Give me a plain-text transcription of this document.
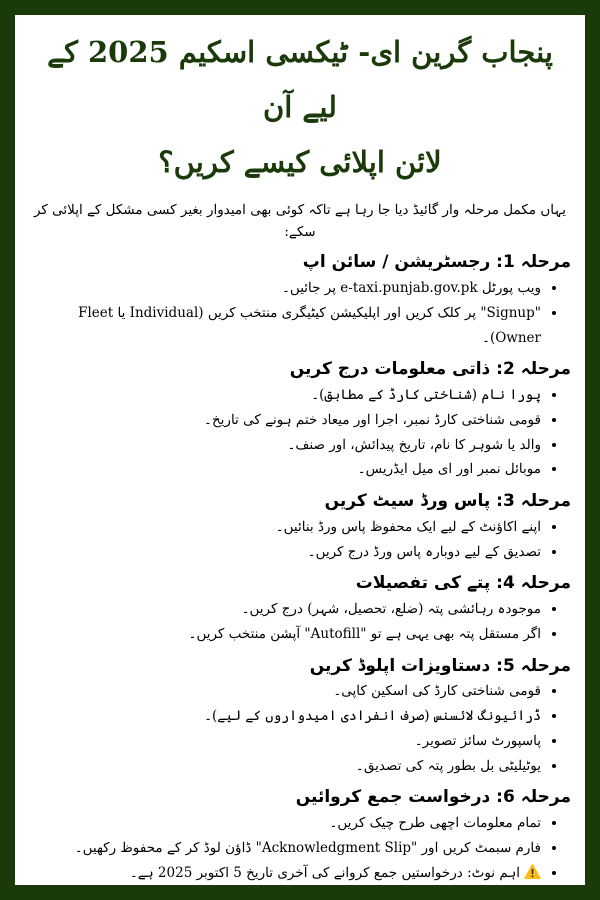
پنجاب گرین ای- ٹیکسی اسکیم 2025 کے لیے آن
لائن اپلائی کیسے کریں؟
یہاں مکمل مرحلہ وار گائیڈ دیا جا رہا ہے تاکہ کوئی بھی امیدوار بغیر کسی مشکل کے اپلائی کر سکے:
مرحلہ 1: رجسٹریشن / سائن اپ
• ویب پورٹل e-taxi.punjab.gov.pk پر جائیں۔
• "Signup" پر کلک کریں اور اپلیکیشن کیٹیگری منتخب کریں (Individual یا Fleet Owner)۔
مرحلہ 2: ذاتی معلومات درج کریں
• پورا نام (شناختی کارڈ کے مطابق)۔
• قومی شناختی کارڈ نمبر، اجرا اور میعاد ختم ہونے کی تاریخ۔
• والد یا شوہر کا نام، تاریخ پیدائش، اور صنف۔
• موبائل نمبر اور ای میل ایڈریس۔
مرحلہ 3: پاس ورڈ سیٹ کریں
• اپنے اکاؤنٹ کے لیے ایک محفوظ پاس ورڈ بنائیں۔
• تصدیق کے لیے دوبارہ پاس ورڈ درج کریں۔
مرحلہ 4: پتے کی تفصیلات
• موجودہ رہائشی پتہ (ضلع، تحصیل، شہر) درج کریں۔
• اگر مستقل پتہ بھی یہی ہے تو "Autofill" آپشن منتخب کریں۔
مرحلہ 5: دستاویزات اپلوڈ کریں
• قومی شناختی کارڈ کی اسکین کاپی۔
• ڈرائیونگ لائسنس (صرف انفرادی امیدواروں کے لیے)۔
• پاسپورٹ سائز تصویر۔
• یوٹیلیٹی بل بطور پتہ کی تصدیق۔
مرحلہ 6: درخواست جمع کروائیں
• تمام معلومات اچھی طرح چیک کریں۔
• فارم سبمٹ کریں اور "Acknowledgment Slip" ڈاؤن لوڈ کر کے محفوظ رکھیں۔
• اہم نوٹ: درخواستیں جمع کروانے کی آخری تاریخ 5 اکتوبر 2025 ہے۔
